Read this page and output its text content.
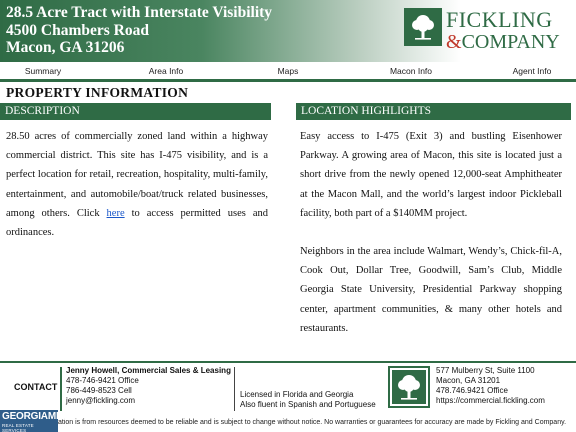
28.5 Acre Tract with Interstate Visibility
4500 Chambers Road
Macon, GA 31206
FICKLING
&COMPANY
Summary	Area Info	Maps	Macon Info	Agent Info
PROPERTY INFORMATION
DESCRIPTION	LOCATION HIGHLIGHTS
28.50 acres of commercially zoned land within a highway commercial district. This site has I-475 visibility, and is a perfect location for retail, recreation, hospitality, multi-family, entertainment, and automobile/boat/truck related businesses, among others. Click here to access permitted uses and ordinances.

Easy access to I-475 (Exit 3) and bustling Eisenhower Parkway. A growing area of Macon, this site is located just a short drive from the newly opened 12,000-seat Amphitheater at the Macon Mall, and the world’s largest indoor Pickleball facility, both part of a $140MM project.

Neighbors in the area include Walmart, Wendy’s, Chick-fil-A, Cook Out, Dollar Tree, Goodwill, Sam’s Club, Middle Georgia State University, Presidential Parkway shopping center, apartment communities, & many other hotels and restaurants.

CONTACT
Jenny Howell, Commercial Sales & Leasing
478-746-9421 Office
786-449-8523 Cell
jenny@fickling.com
Licensed in Florida and Georgia
Also fluent in Spanish and Portuguese
577 Mulberry St, Suite 1100
Macon, GA 31201
478.746.9421 Office
https://commercial.fickling.com
ation is from resources deemed to be reliable and is subject to change without notice. No warranties or guarantees for accuracy are made by Fickling and Company.
GEORGIAMLS
REAL ESTATE SERVICES
